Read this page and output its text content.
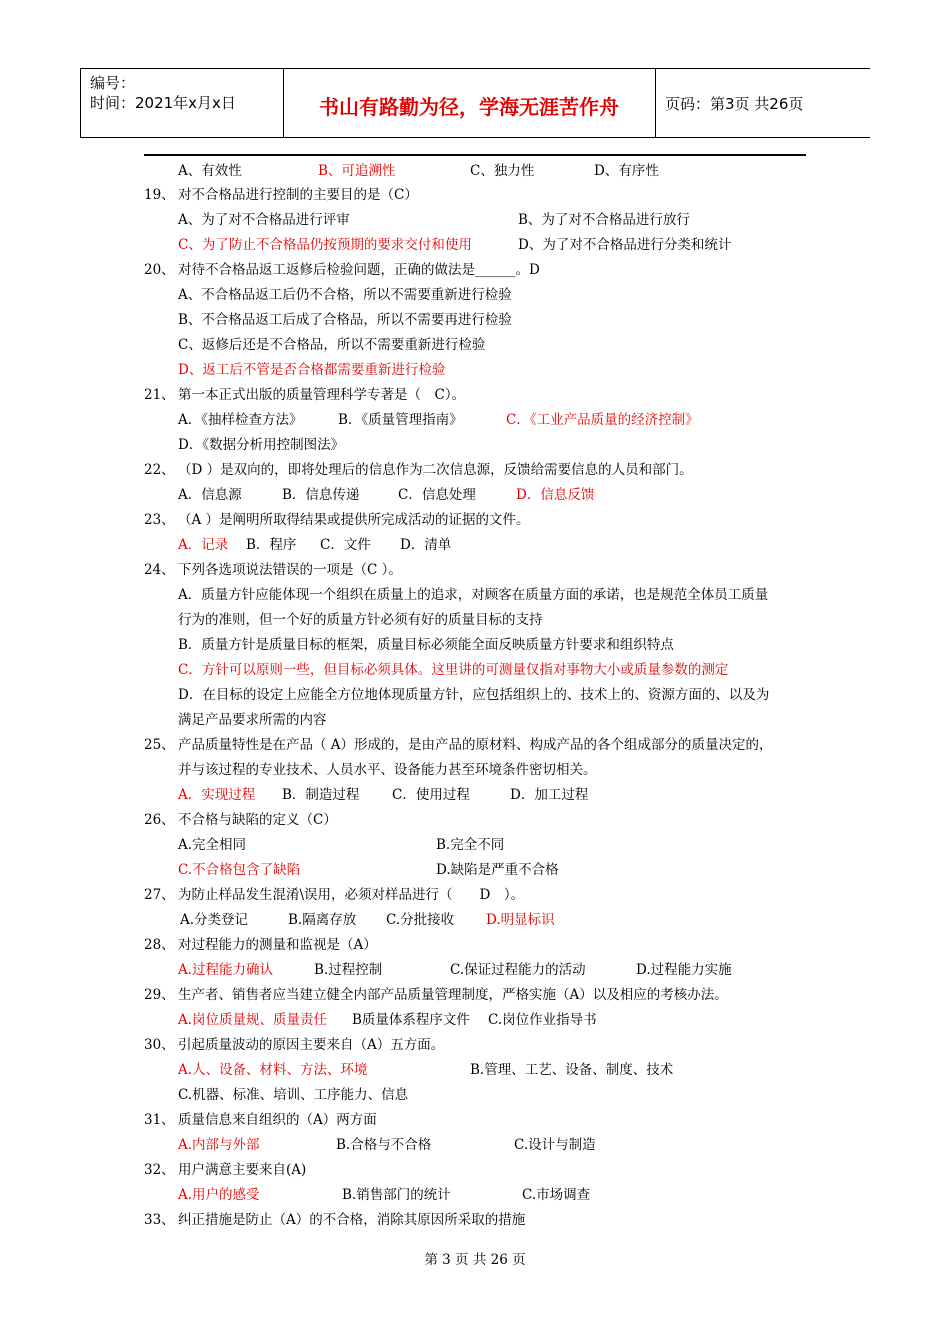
编号：
时间：2021年x月x日	书山有路勤为径，学海无涯苦作舟	页码：第3页 共26页
A、有效性	B、可追溯性	C、独力性	D、有序性
19、 对不合格品进行控制的主要目的是（C）
A、为了对不合格品进行评审	B、为了对不合格品进行放行
C、为了防止不合格品仍按预期的要求交付和使用	D、为了对不合格品进行分类和统计
20、 对待不合格品返工返修后检验问题，正确的做法是______。D
A、不合格品返工后仍不合格，所以不需要重新进行检验
B、不合格品返工后成了合格品，所以不需要再进行检验
C、返修后还是不合格品，所以不需要重新进行检验
D、返工后不管是否合格都需要重新进行检验
21、 第一本正式出版的质量管理科学专著是（　C）。
A．《抽样检查方法》	B．《质量管理指南》	C．《工业产品质量的经济控制》
D．《数据分析用控制图法》
22、 （D ）是双向的，即将处理后的信息作为二次信息源，反馈给需要信息的人员和部门。
A．信息源	B．信息传递	C．信息处理	D．信息反馈
23、 （A ）是阐明所取得结果或提供所完成活动的证据的文件。
A．记录 B．程序 C．文件 D．清单
24、 下列各选项说法错误的一项是（C ）。
A．质量方针应能体现一个组织在质量上的追求，对顾客在质量方面的承诺，也是规范全体员工质量
行为的准则，但一个好的质量方针必须有好的质量目标的支持
B．质量方针是质量目标的框架，质量目标必须能全面反映质量方针要求和组织特点
C．方针可以原则一些，但目标必须具体。这里讲的可测量仅指对事物大小或质量参数的测定
D．在目标的设定上应能全方位地体现质量方针，应包括组织上的、技术上的、资源方面的、以及为
满足产品要求所需的内容
25、 产品质量特性是在产品（ A）形成的，是由产品的原材料、构成产品的各个组成部分的质量决定的，
并与该过程的专业技术、人员水平、设备能力甚至环境条件密切相关。
A．实现过程 B．制造过程 C．使用过程	D．加工过程
26、 不合格与缺陷的定义（C）
A.完全相同	B.完全不同
C.不合格包含了缺陷	D.缺陷是严重不合格
27、 为防止样品发生混淆\误用，必须对样品进行（　　D　）。
A.分类登记	B.隔离存放 C.分批接收 D.明显标识
28、 对过程能力的测量和监视是（A）
A.过程能力确认	B.过程控制	C.保证过程能力的活动	D.过程能力实施
29、 生产者、销售者应当建立健全内部产品质量管理制度，严格实施（A）以及相应的考核办法。
A.岗位质量规、质量责任 B质量体系程序文件 C.岗位作业指导书
30、 引起质量波动的原因主要来自（A）五方面。
A.人、设备、材料、方法、环境	B.管理、工艺、设备、制度、技术
C.机器、标准、培训、工序能力、信息
31、 质量信息来自组织的（A）两方面
A.内部与外部	B.合格与不合格	C.设计与制造
32、 用户满意主要来自(A)
A.用户的感受	B.销售部门的统计	C.市场调查
33、 纠正措施是防止（A）的不合格，消除其原因所采取的措施
第 3 页 共 26 页
